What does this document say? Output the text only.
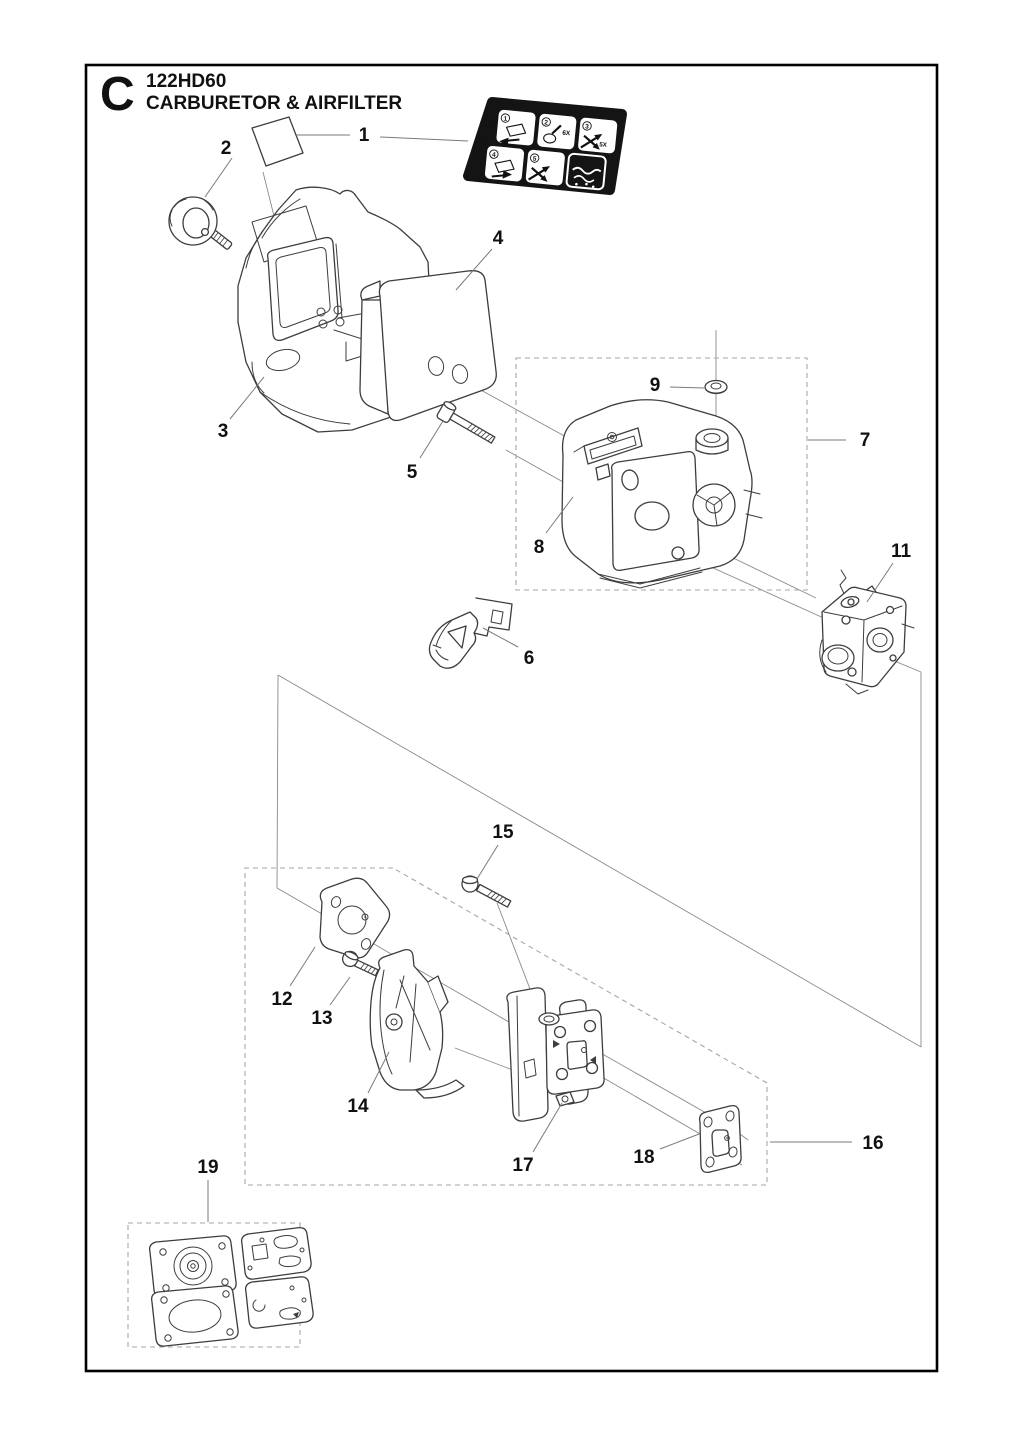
1
2
6X
3
5X
4
5
C 122HD60
CARBURETOR & AIRFILTER
1
2
3
4
5
6
7
8
9
11
12
13
14
15
16
17	18
19
